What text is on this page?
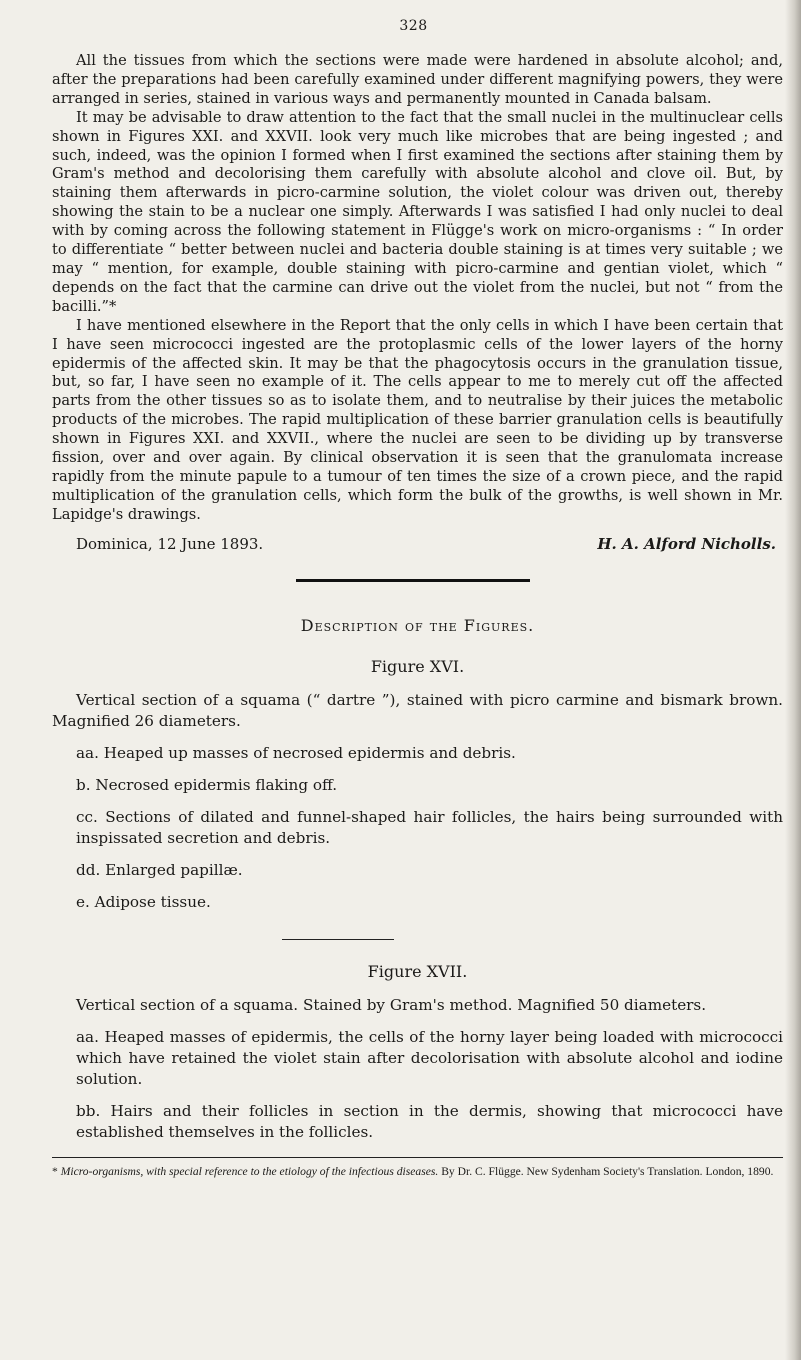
328

All the tissues from which the sections were made were hardened in absolute alcohol; and, after the preparations had been carefully examined under different magnifying powers, they were arranged in series, stained in various ways and permanently mounted in Canada balsam.

It may be advisable to draw attention to the fact that the small nuclei in the multinuclear cells shown in Figures XXI. and XXVII. look very much like microbes that are being ingested ; and such, indeed, was the opinion I formed when I first examined the sections after staining them by Gram's method and decolorising them carefully with absolute alcohol and clove oil. But, by staining them afterwards in picro-carmine solution, the violet colour was driven out, thereby showing the stain to be a nuclear one simply. Afterwards I was satisfied I had only nuclei to deal with by coming across the following statement in Flügge's work on micro-organisms : “ In order to differentiate “ better between nuclei and bacteria double staining is at times very suitable ; we may “ mention, for example, double staining with picro-carmine and gentian violet, which “ depends on the fact that the carmine can drive out the violet from the nuclei, but not “ from the bacilli.”*

I have mentioned elsewhere in the Report that the only cells in which I have been certain that I have seen micrococci ingested are the protoplasmic cells of the lower layers of the horny epidermis of the affected skin. It may be that the phagocytosis occurs in the granulation tissue, but, so far, I have seen no example of it. The cells appear to me to merely cut off the affected parts from the other tissues so as to isolate them, and to neutralise by their juices the metabolic products of the microbes. The rapid multiplication of these barrier granulation cells is beautifully shown in Figures XXI. and XXVII., where the nuclei are seen to be dividing up by transverse fission, over and over again. By clinical observation it is seen that the granulomata increase rapidly from the minute papule to a tumour of ten times the size of a crown piece, and the rapid multiplication of the granulation cells, which form the bulk of the growths, is well shown in Mr. Lapidge's drawings.

Dominica, 12 June 1893.	H. A. Alford Nicholls.
Description of the Figures.
Figure XVI.
Vertical section of a squama (“ dartre ”), stained with picro carmine and bismark brown. Magnified 26 diameters.
aa. Heaped up masses of necrosed epidermis and debris.
b. Necrosed epidermis flaking off.
cc. Sections of dilated and funnel-shaped hair follicles, the hairs being surrounded with inspissated secretion and debris.
dd. Enlarged papillæ.
e. Adipose tissue.
Figure XVII.
Vertical section of a squama. Stained by Gram's method. Magnified 50 diameters.
aa. Heaped masses of epidermis, the cells of the horny layer being loaded with micrococci which have retained the violet stain after decolorisation with absolute alcohol and iodine solution.
bb. Hairs and their follicles in section in the dermis, showing that micrococci have established themselves in the follicles.
* Micro-organisms, with special reference to the etiology of the infectious diseases. By Dr. C. Flügge. New Sydenham Society's Translation. London, 1890.
